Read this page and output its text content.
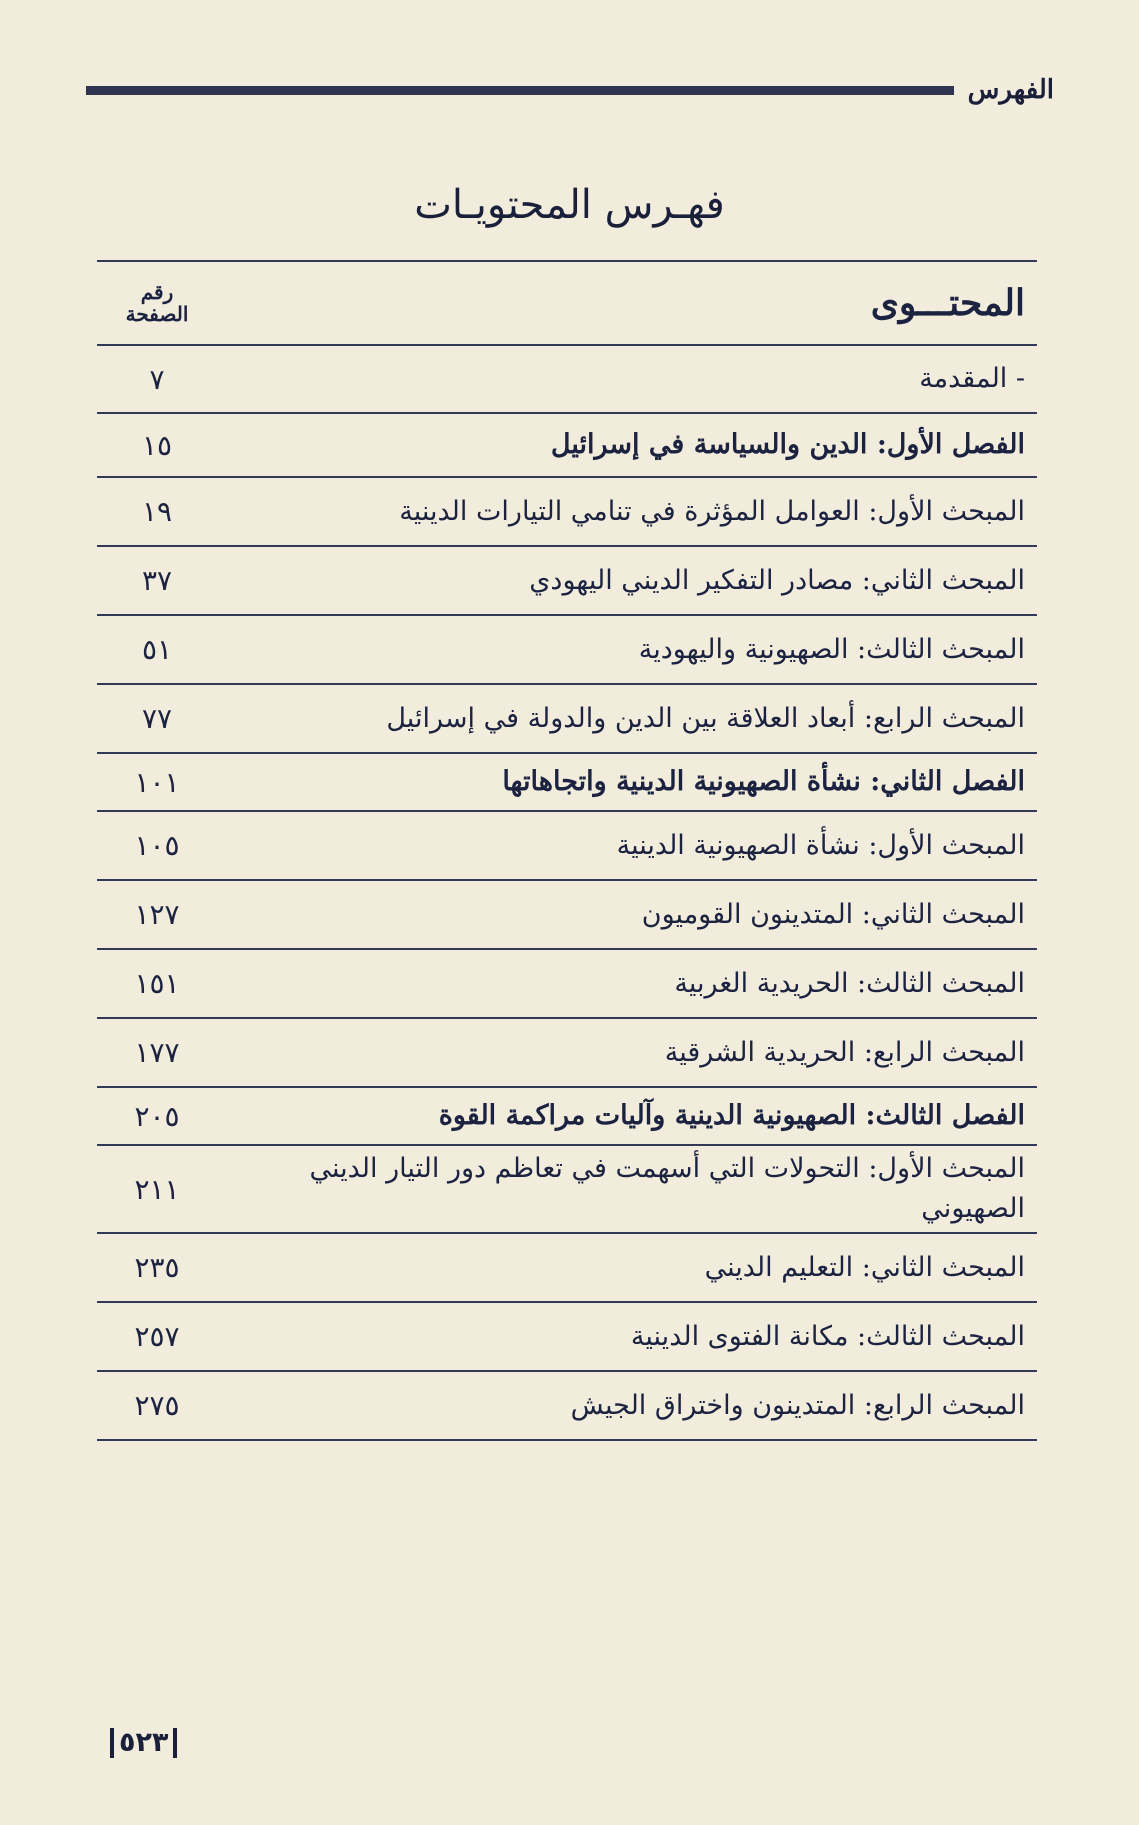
الفهرس
فهـرس المحتويـات
المحتـــوى
رقم الصفحة
- المقدمة
٧
الفصل الأول: الدين والسياسة في إسرائيل
١٥
المبحث الأول: العوامل المؤثرة في تنامي التيارات الدينية
١٩
المبحث الثاني: مصادر التفكير الديني اليهودي
٣٧
المبحث الثالث: الصهيونية واليهودية
٥١
المبحث الرابع: أبعاد العلاقة بين الدين والدولة في إسرائيل
٧٧
الفصل الثاني: نشأة الصهيونية الدينية واتجاهاتها
١٠١
المبحث الأول: نشأة الصهيونية الدينية
١٠٥
المبحث الثاني: المتدينون القوميون
١٢٧
المبحث الثالث: الحريدية الغربية
١٥١
المبحث الرابع: الحريدية الشرقية
١٧٧
الفصل الثالث: الصهيونية الدينية وآليات مراكمة القوة
٢٠٥
المبحث الأول: التحولات التي أسهمت في تعاظم دور التيار الديني الصهيوني
٢١١
المبحث الثاني: التعليم الديني
٢٣٥
المبحث الثالث: مكانة الفتوى الدينية
٢٥٧
المبحث الرابع: المتدينون واختراق الجيش
٢٧٥
٥٢٣
